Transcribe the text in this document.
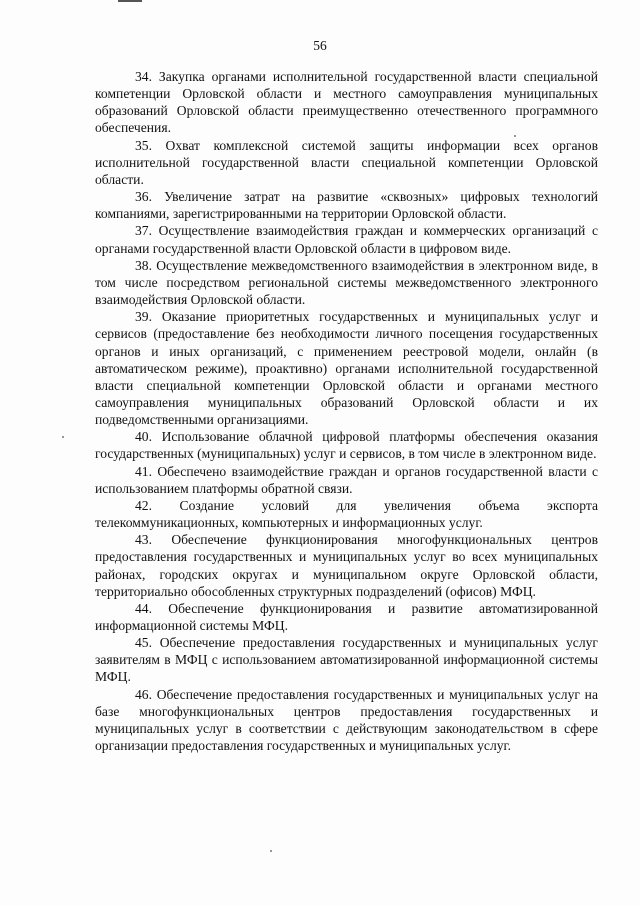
56

34. Закупка органами исполнительной государственной власти специальной компетенции Орловской области и местного самоуправления муниципальных образований Орловской области преимущественно отечественного программного обеспечения.

35. Охват комплексной системой защиты информации всех органов исполнительной государственной власти специальной компетенции Орловской области.

36. Увеличение затрат на развитие «сквозных» цифровых технологий компаниями, зарегистрированными на территории Орловской области.

37. Осуществление взаимодействия граждан и коммерческих организаций с органами государственной власти Орловской области в цифровом виде.

38. Осуществление межведомственного взаимодействия в электронном виде, в том числе посредством региональной системы межведомственного электронного взаимодействия Орловской области.

39. Оказание приоритетных государственных и муниципальных услуг и сервисов (предоставление без необходимости личного посещения государственных органов и иных организаций, с применением реестровой модели, онлайн (в автоматическом режиме), проактивно) органами исполнительной государственной власти специальной компетенции Орловской области и органами местного самоуправления муниципальных образований Орловской области и их подведомственными организациями.

40. Использование облачной цифровой платформы обеспечения оказания государственных (муниципальных) услуг и сервисов, в том числе в электронном виде.

41. Обеспечено взаимодействие граждан и органов государственной власти с использованием платформы обратной связи.

42. Создание условий для увеличения объема экспорта телекоммуникационных, компьютерных и информационных услуг.

43. Обеспечение функционирования многофункциональных центров предоставления государственных и муниципальных услуг во всех муниципальных районах, городских округах и муниципальном округе Орловской области, территориально обособленных структурных подразделений (офисов) МФЦ.

44. Обеспечение функционирования и развитие автоматизированной информационной системы МФЦ.

45. Обеспечение предоставления государственных и муниципальных услуг заявителям в МФЦ с использованием автоматизированной информационной системы МФЦ.

46. Обеспечение предоставления государственных и муниципальных услуг на базе многофункциональных центров предоставления государственных и муниципальных услуг в соответствии с действующим законодательством в сфере организации предоставления государственных и муниципальных услуг.
